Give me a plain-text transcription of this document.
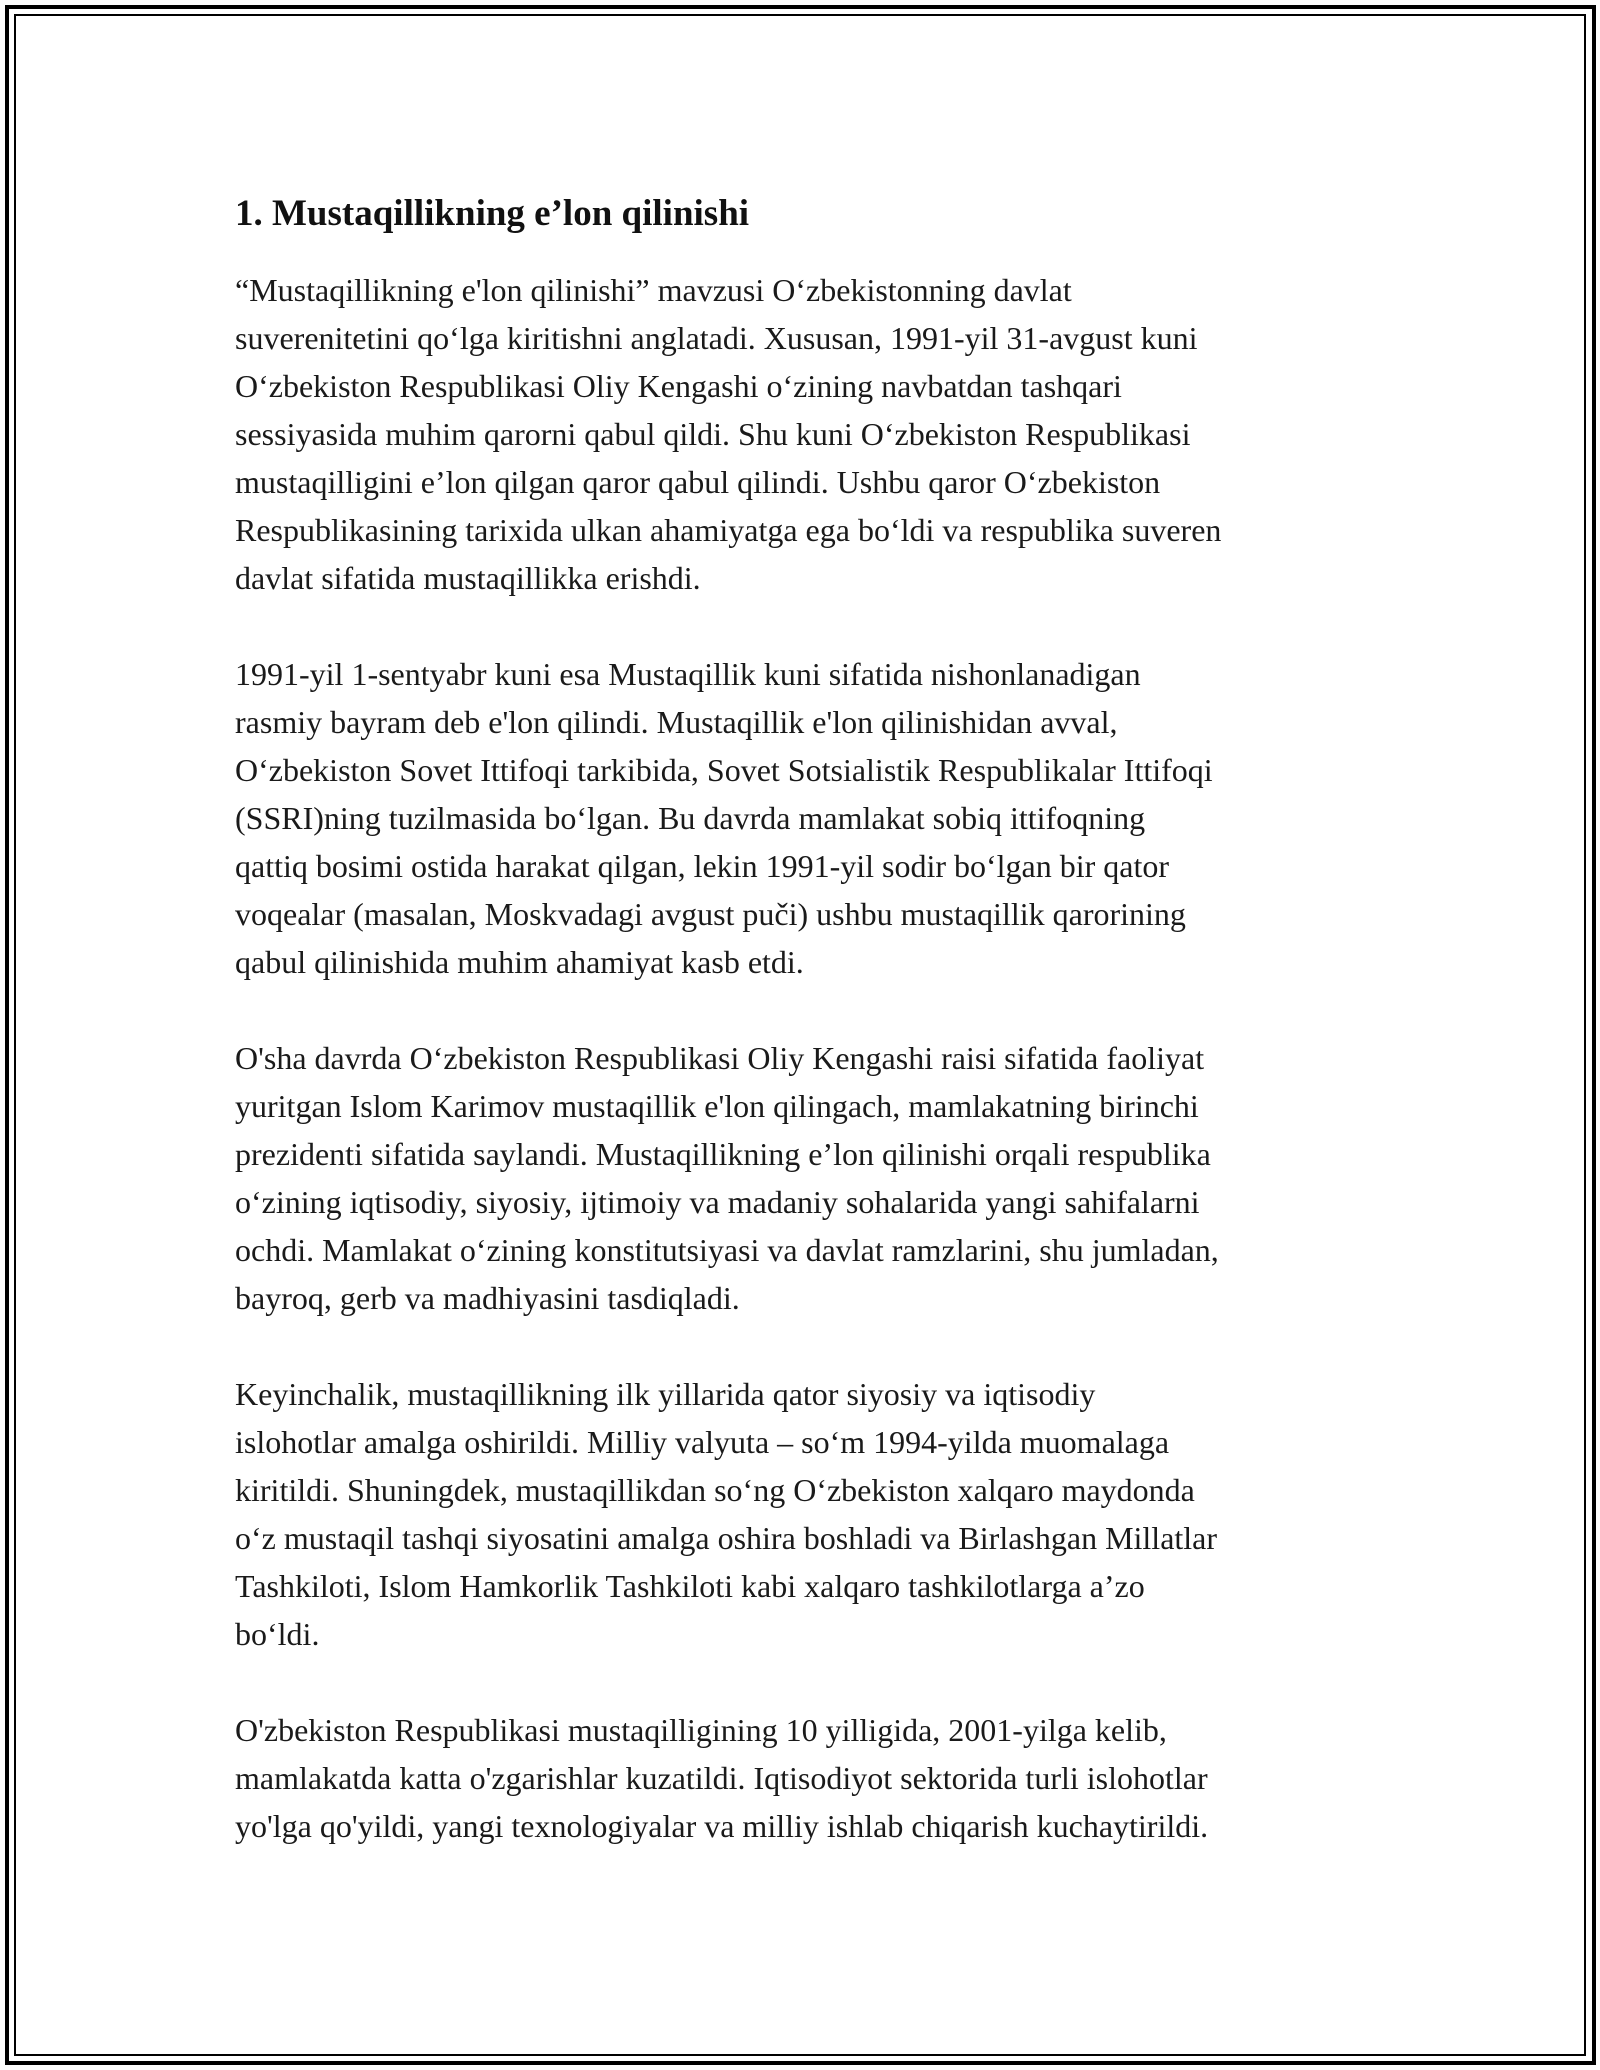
1. Mustaqillikning e’lon qilinishi

“Mustaqillikning e'lon qilinishi” mavzusi O‘zbekistonning davlat
suverenitetini qo‘lga kiritishni anglatadi. Xususan, 1991-yil 31-avgust kuni
O‘zbekiston Respublikasi Oliy Kengashi o‘zining navbatdan tashqari
sessiyasida muhim qarorni qabul qildi. Shu kuni O‘zbekiston Respublikasi
mustaqilligini e’lon qilgan qaror qabul qilindi. Ushbu qaror O‘zbekiston
Respublikasining tarixida ulkan ahamiyatga ega bo‘ldi va respublika suveren
davlat sifatida mustaqillikka erishdi.

1991-yil 1-sentyabr kuni esa Mustaqillik kuni sifatida nishonlanadigan
rasmiy bayram deb e'lon qilindi. Mustaqillik e'lon qilinishidan avval,
O‘zbekiston Sovet Ittifoqi tarkibida, Sovet Sotsialistik Respublikalar Ittifoqi
(SSRI)ning tuzilmasida bo‘lgan. Bu davrda mamlakat sobiq ittifoqning
qattiq bosimi ostida harakat qilgan, lekin 1991-yil sodir bo‘lgan bir qator
voqealar (masalan, Moskvadagi avgust puči) ushbu mustaqillik qarorining
qabul qilinishida muhim ahamiyat kasb etdi.

O'sha davrda O‘zbekiston Respublikasi Oliy Kengashi raisi sifatida faoliyat
yuritgan Islom Karimov mustaqillik e'lon qilingach, mamlakatning birinchi
prezidenti sifatida saylandi. Mustaqillikning e’lon qilinishi orqali respublika
o‘zining iqtisodiy, siyosiy, ijtimoiy va madaniy sohalarida yangi sahifalarni
ochdi. Mamlakat o‘zining konstitutsiyasi va davlat ramzlarini, shu jumladan,
bayroq, gerb va madhiyasini tasdiqladi.

Keyinchalik, mustaqillikning ilk yillarida qator siyosiy va iqtisodiy
islohotlar amalga oshirildi. Milliy valyuta – so‘m 1994-yilda muomalaga
kiritildi. Shuningdek, mustaqillikdan so‘ng O‘zbekiston xalqaro maydonda
o‘z mustaqil tashqi siyosatini amalga oshira boshladi va Birlashgan Millatlar
Tashkiloti, Islom Hamkorlik Tashkiloti kabi xalqaro tashkilotlarga a’zo
bo‘ldi.

O'zbekiston Respublikasi mustaqilligining 10 yilligida, 2001-yilga kelib,
mamlakatda katta o'zgarishlar kuzatildi. Iqtisodiyot sektorida turli islohotlar
yo'lga qo'yildi, yangi texnologiyalar va milliy ishlab chiqarish kuchaytirildi.
